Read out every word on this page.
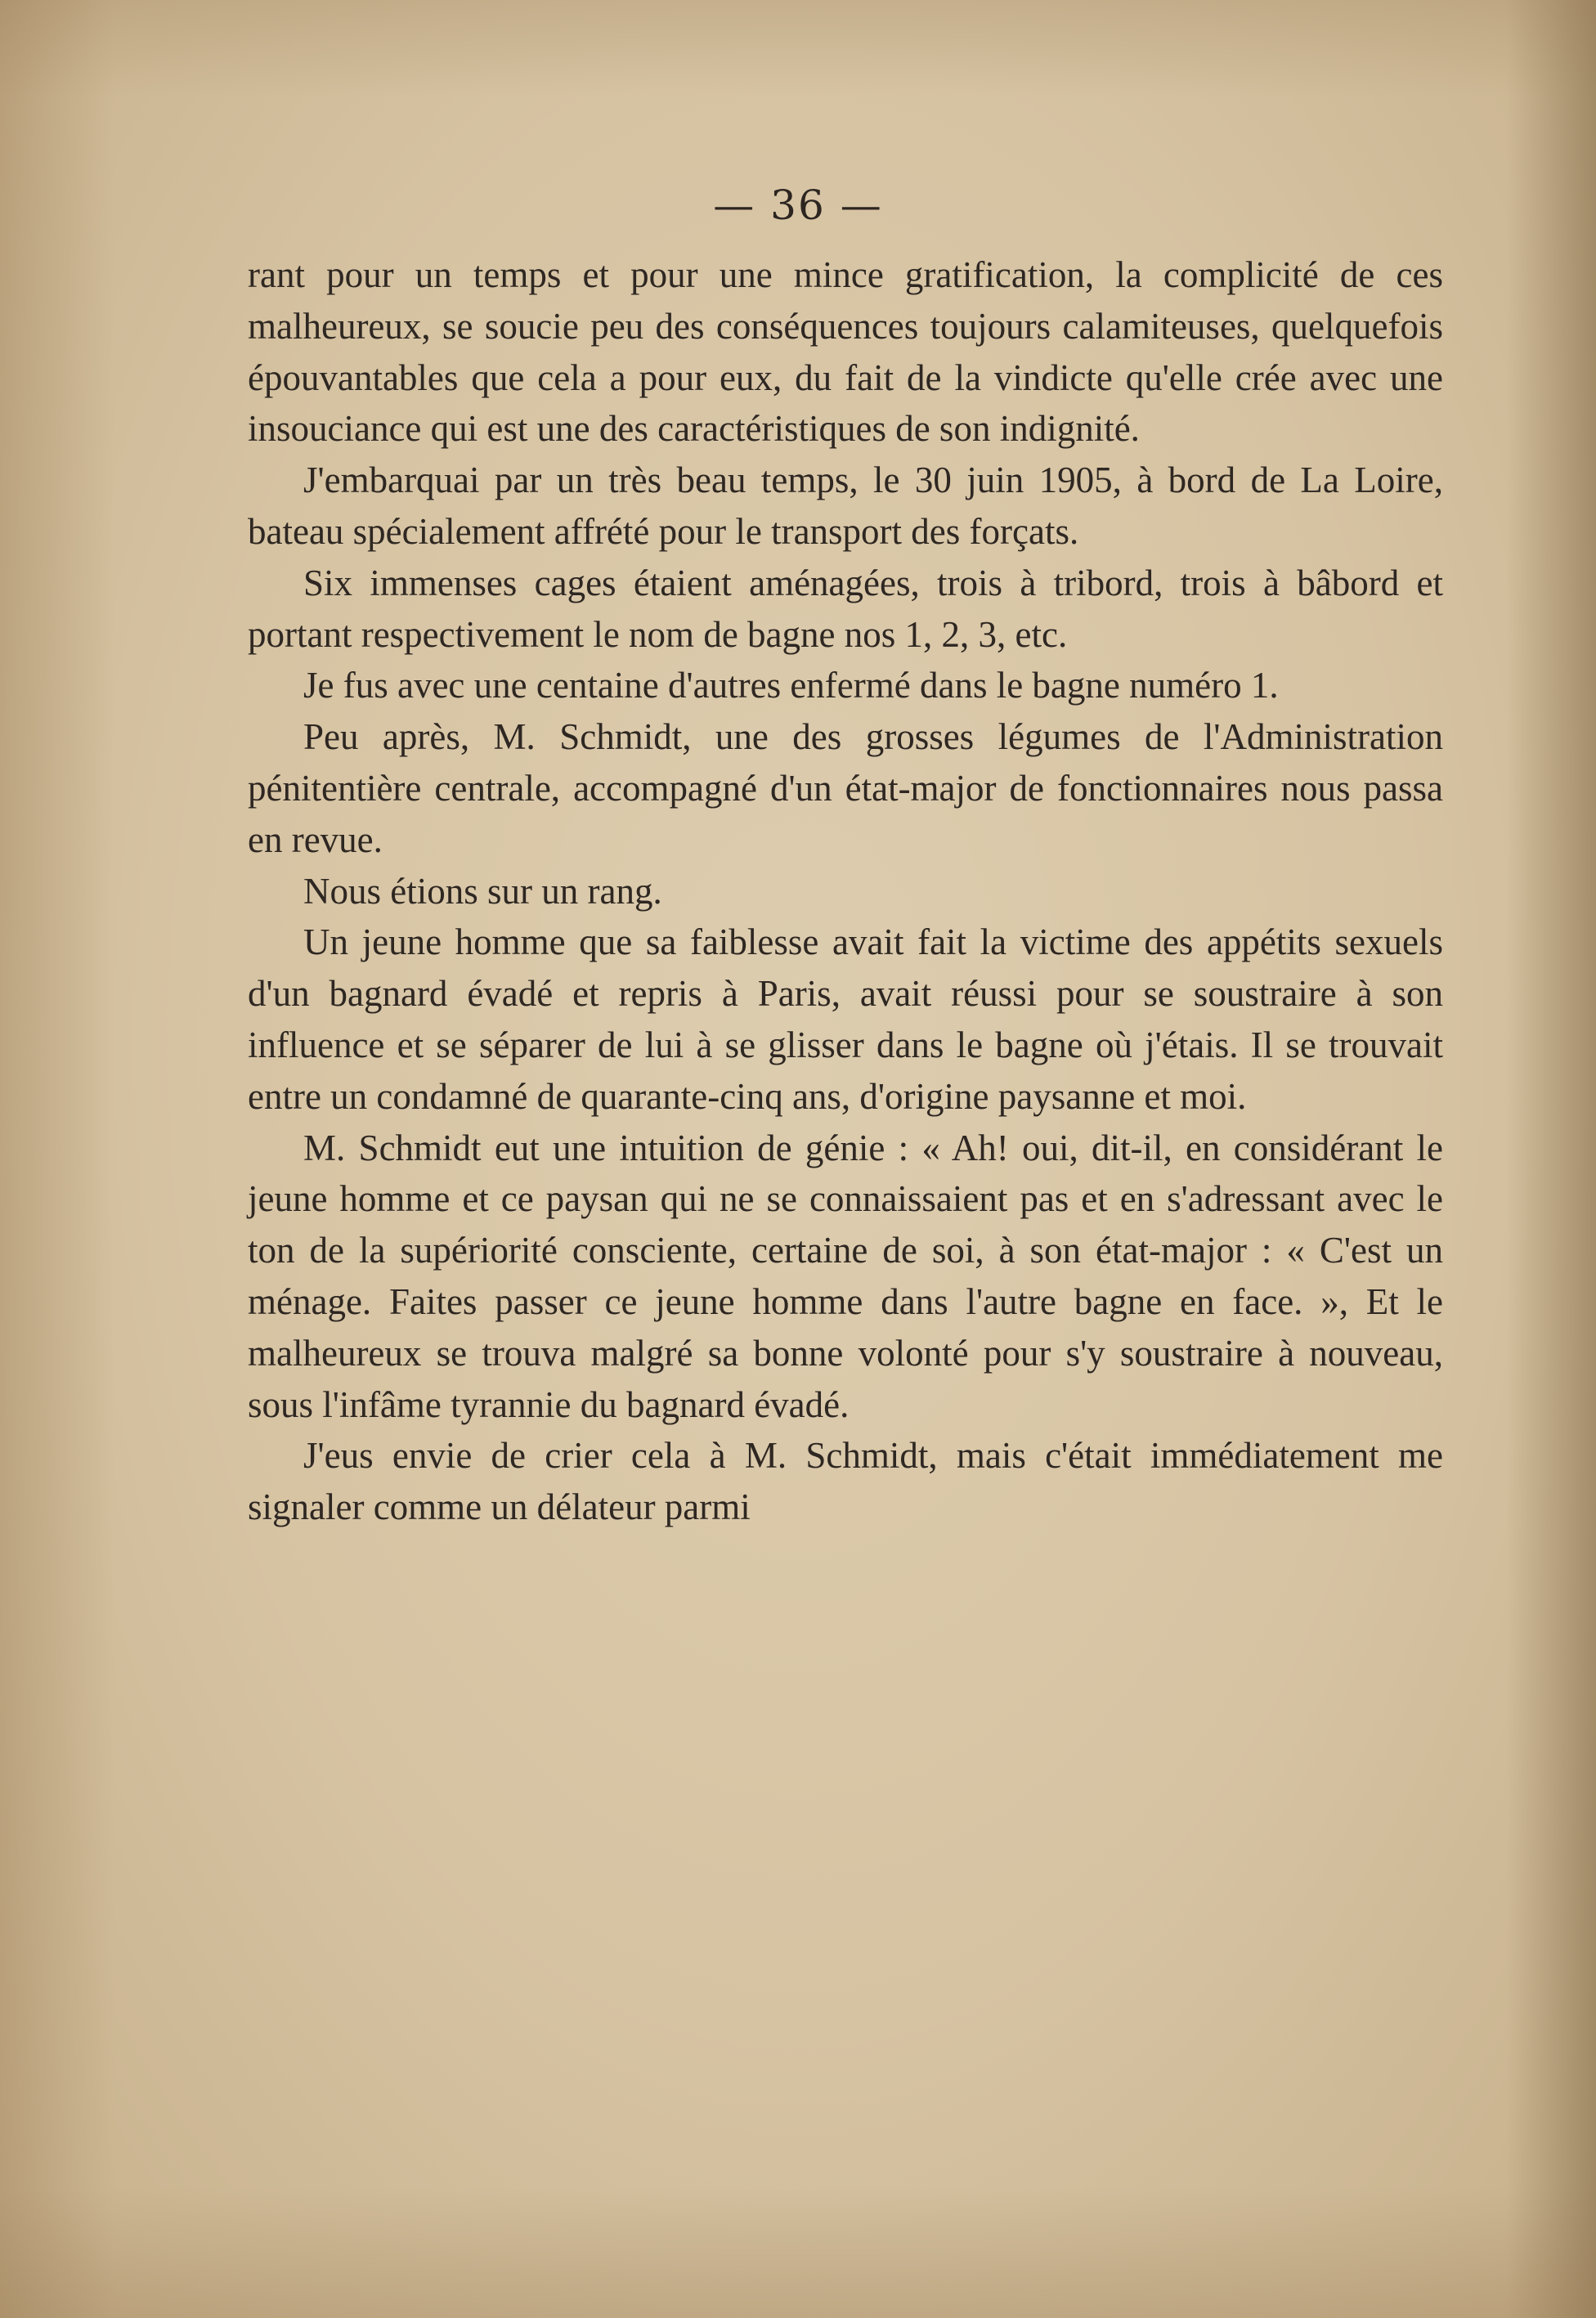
— 36 —

rant pour un temps et pour une mince gratification, la complicité de ces malheureux, se soucie peu des conséquences toujours calamiteuses, quelquefois épouvantables que cela a pour eux, du fait de la vindicte qu'elle crée avec une insouciance qui est une des caractéristiques de son indignité.

J'embarquai par un très beau temps, le 30 juin 1905, à bord de La Loire, bateau spécialement affrété pour le transport des forçats.

Six immenses cages étaient aménagées, trois à tribord, trois à bâbord et portant respectivement le nom de bagne nos 1, 2, 3, etc.

Je fus avec une centaine d'autres enfermé dans le bagne numéro 1.

Peu après, M. Schmidt, une des grosses légumes de l'Administration pénitentière centrale, accompagné d'un état-major de fonctionnaires nous passa en revue.

Nous étions sur un rang.

Un jeune homme que sa faiblesse avait fait la victime des appétits sexuels d'un bagnard évadé et repris à Paris, avait réussi pour se soustraire à son influence et se séparer de lui à se glisser dans le bagne où j'étais. Il se trouvait entre un condamné de quarante-cinq ans, d'origine paysanne et moi.

M. Schmidt eut une intuition de génie : « Ah! oui, dit-il, en considérant le jeune homme et ce paysan qui ne se connaissaient pas et en s'adressant avec le ton de la supériorité consciente, certaine de soi, à son état-major : « C'est un ménage. Faites passer ce jeune homme dans l'autre bagne en face. », Et le malheureux se trouva malgré sa bonne volonté pour s'y soustraire à nouveau, sous l'infâme tyrannie du bagnard évadé.

J'eus envie de crier cela à M. Schmidt, mais c'était immédiatement me signaler comme un délateur parmi
